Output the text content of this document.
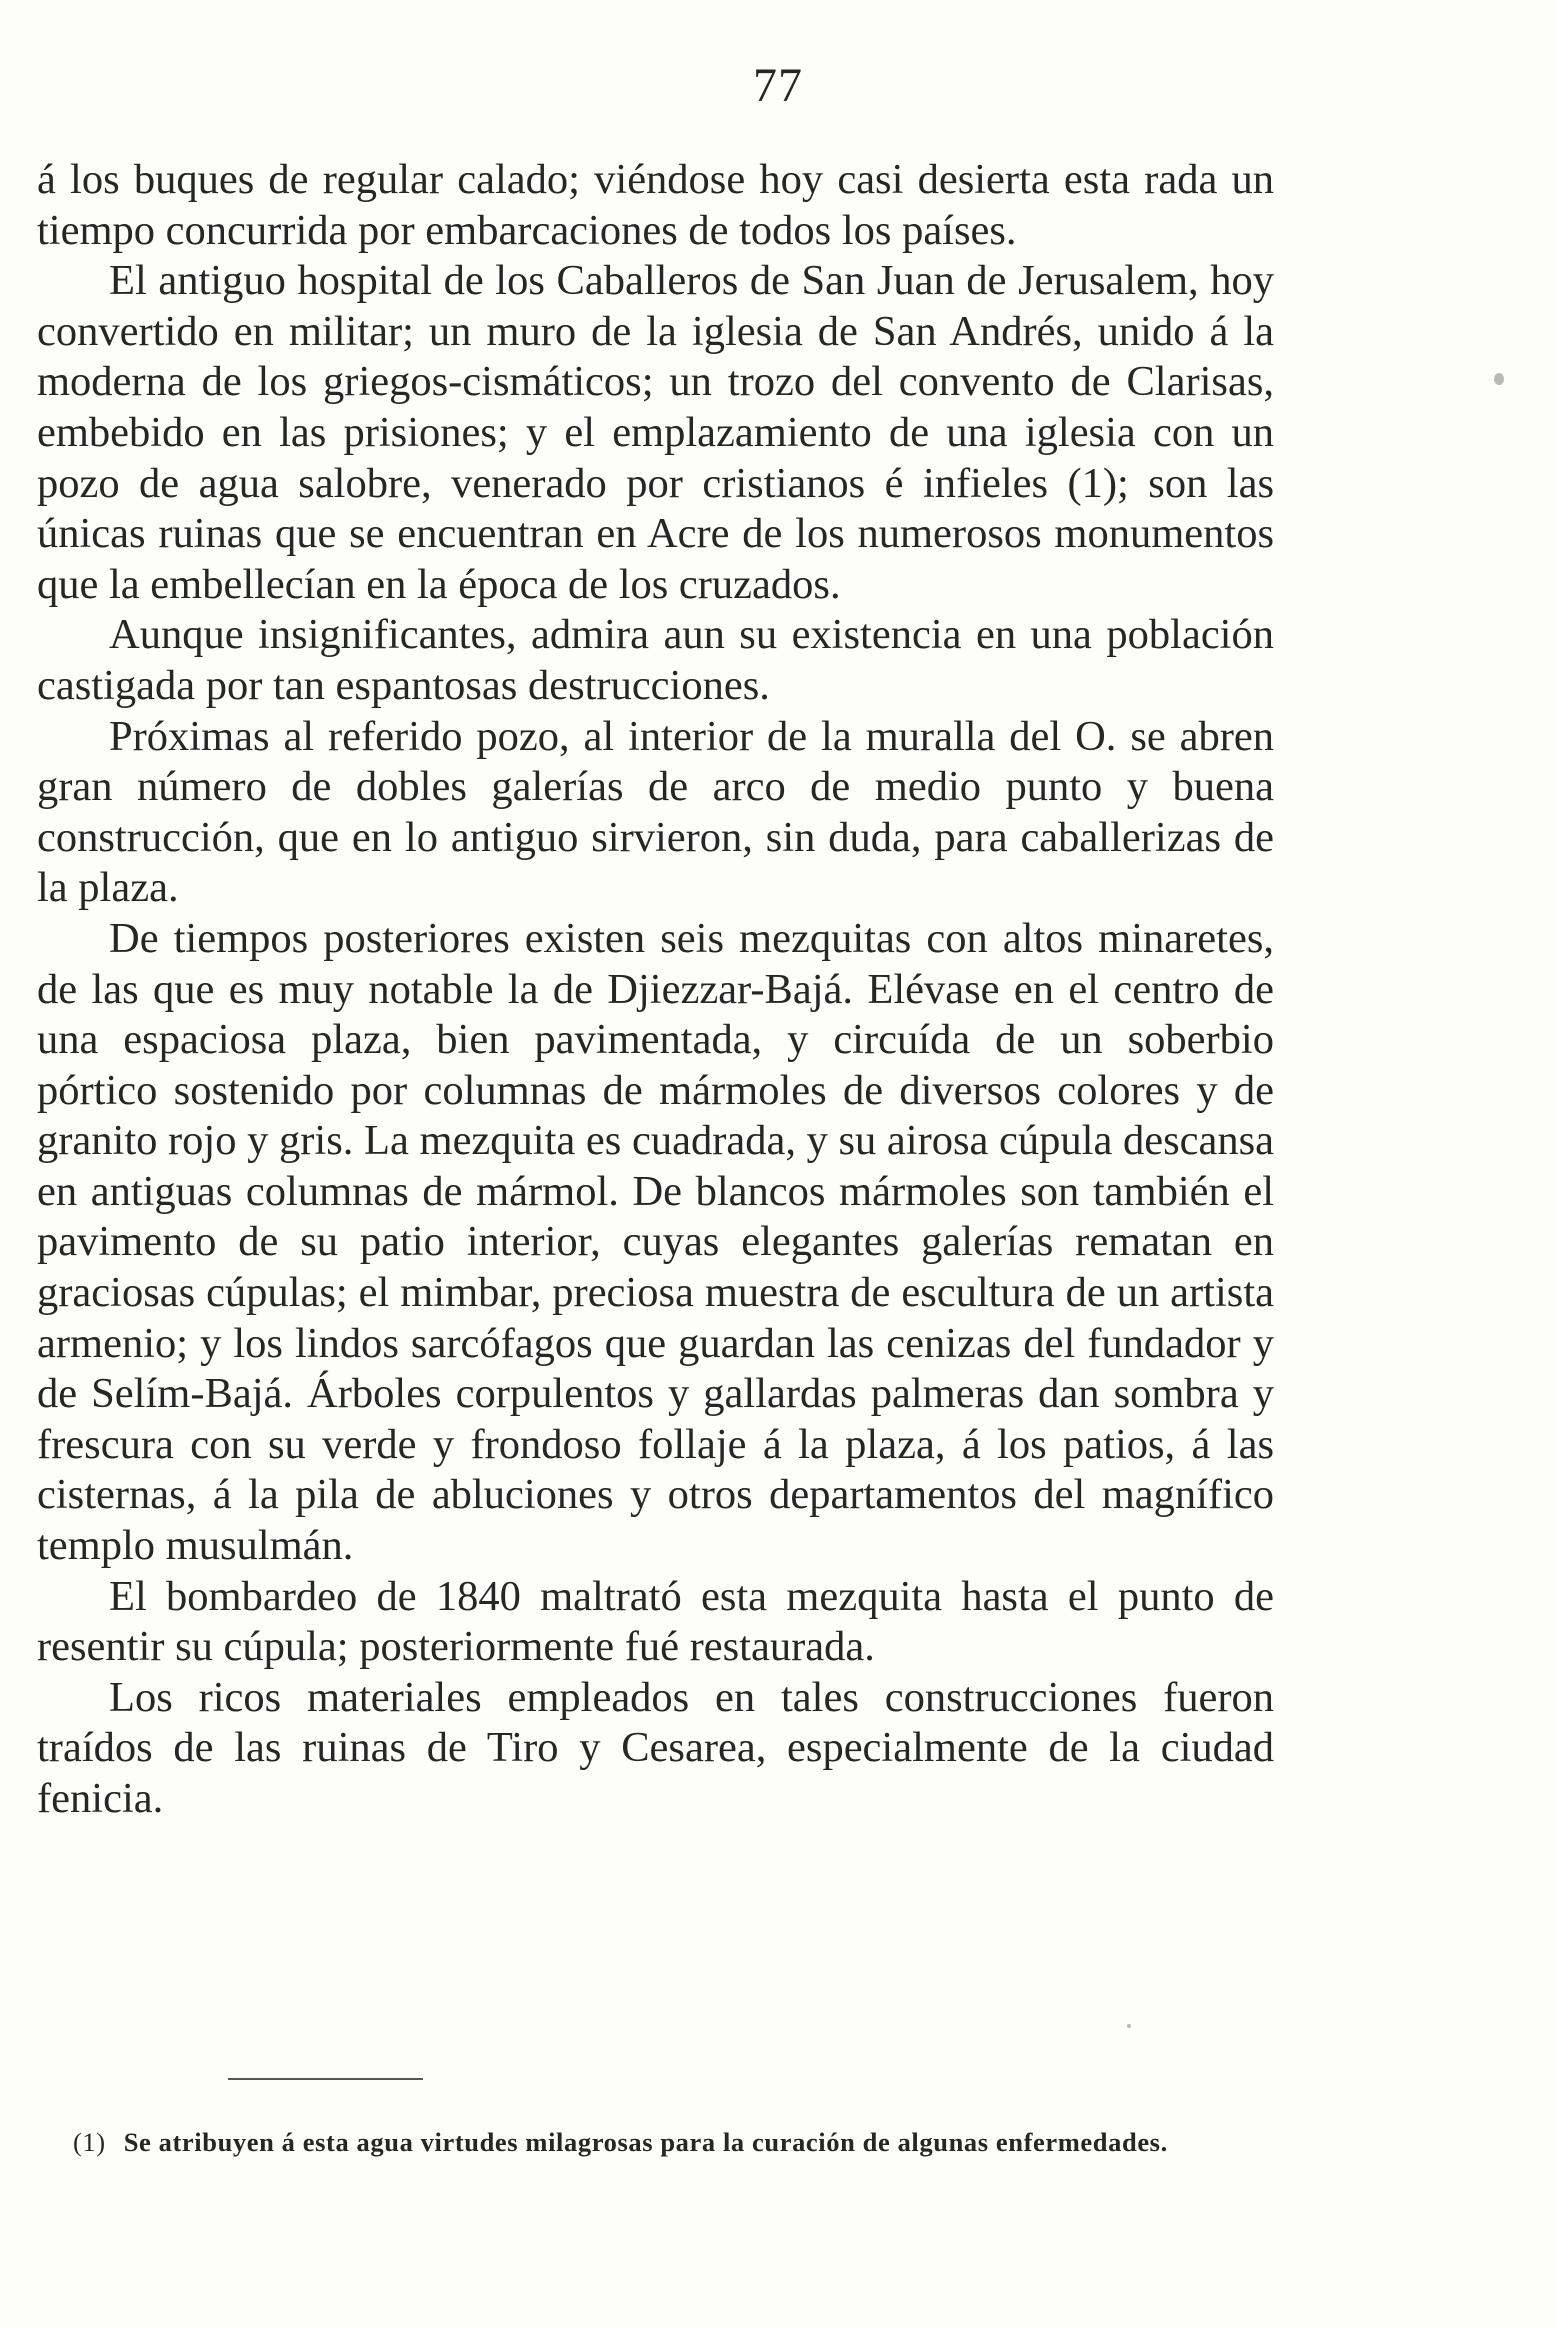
77

á los buques de regular calado; viéndose hoy casi desierta esta rada un tiempo concurrida por embarcaciones de todos los países.

El antiguo hospital de los Caballeros de San Juan de Jerusalem, hoy convertido en militar; un muro de la iglesia de San Andrés, unido á la moderna de los griegos-cismáticos; un trozo del convento de Clarisas, embebido en las prisiones; y el emplazamiento de una iglesia con un pozo de agua salobre, venerado por cristianos é infieles (1); son las únicas ruinas que se encuentran en Acre de los numerosos monumentos que la embellecían en la época de los cruzados.

Aunque insignificantes, admira aun su existencia en una población castigada por tan espantosas destrucciones.

Próximas al referido pozo, al interior de la muralla del O. se abren gran número de dobles galerías de arco de medio punto y buena construcción, que en lo antiguo sirvieron, sin duda, para caballerizas de la plaza.

De tiempos posteriores existen seis mezquitas con altos minaretes, de las que es muy notable la de Djiezzar-Bajá. Elévase en el centro de una espaciosa plaza, bien pavimentada, y circuída de un soberbio pórtico sostenido por columnas de mármoles de diversos colores y de granito rojo y gris. La mezquita es cuadrada, y su airosa cúpula descansa en antiguas columnas de mármol. De blancos mármoles son también el pavimento de su patio interior, cuyas elegantes galerías rematan en graciosas cúpulas; el mimbar, preciosa muestra de escultura de un artista armenio; y los lindos sarcófagos que guardan las cenizas del fundador y de Selím-Bajá. Árboles corpulentos y gallardas palmeras dan sombra y frescura con su verde y frondoso follaje á la plaza, á los patios, á las cisternas, á la pila de abluciones y otros departamentos del magnífico templo musulmán.

El bombardeo de 1840 maltrató esta mezquita hasta el punto de resentir su cúpula; posteriormente fué restaurada.

Los ricos materiales empleados en tales construcciones fueron traídos de las ruinas de Tiro y Cesarea, especialmente de la ciudad fenicia.

(1) Se atribuyen á esta agua virtudes milagrosas para la curación de algunas enfermedades.
